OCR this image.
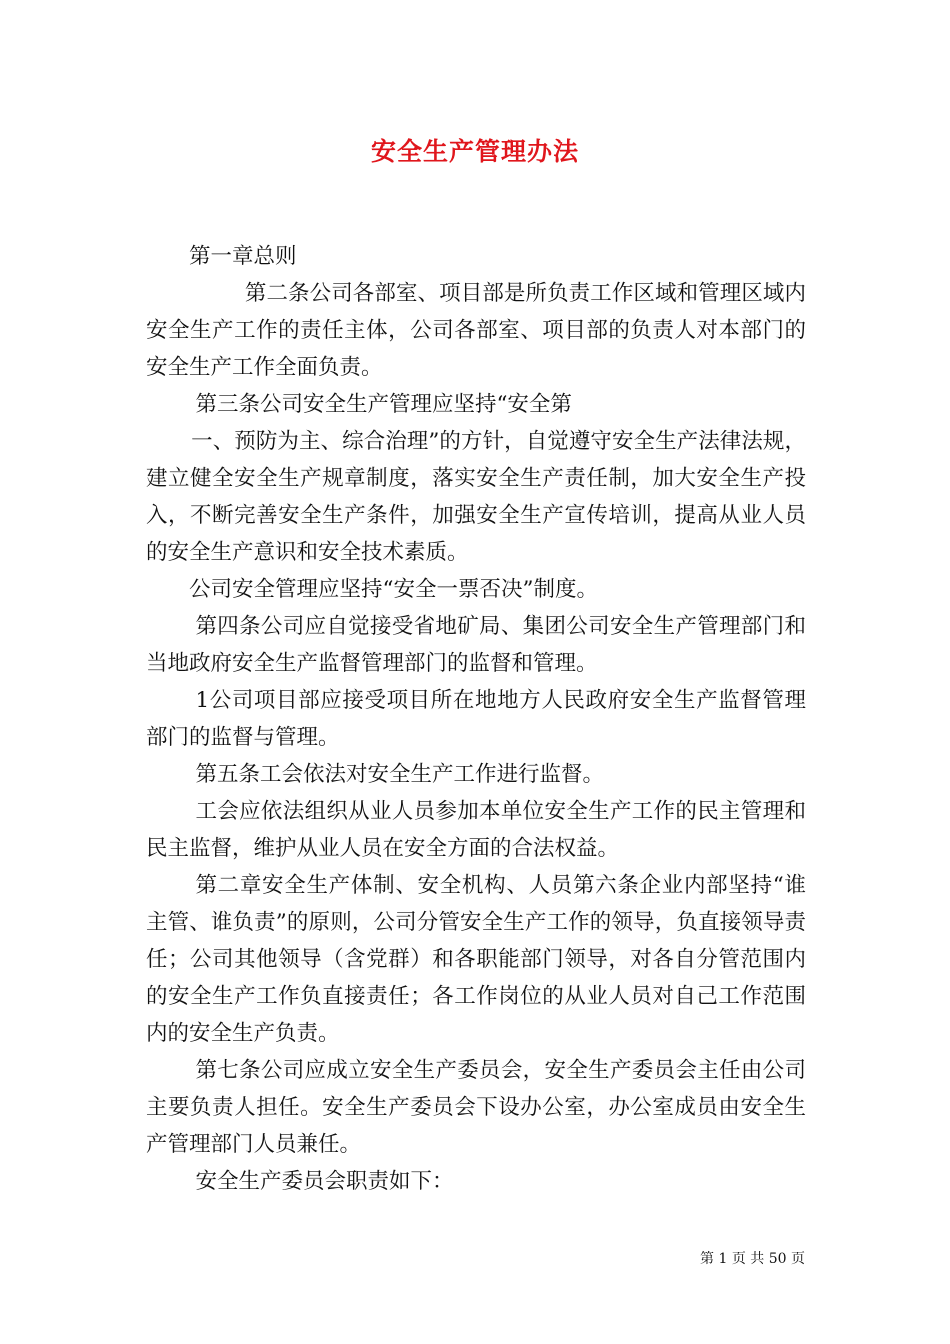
安全生产管理办法

第一章总则

第二条公司各部室、项目部是所负责工作区域和管理区域内安全生产工作的责任主体，公司各部室、项目部的负责人对本部门的安全生产工作全面负责。

第三条公司安全生产管理应坚持“安全第

一、预防为主、综合治理”的方针，自觉遵守安全生产法律法规，建立健全安全生产规章制度，落实安全生产责任制，加大安全生产投入，不断完善安全生产条件，加强安全生产宣传培训，提高从业人员的安全生产意识和安全技术素质。

公司安全管理应坚持“安全一票否决”制度。

第四条公司应自觉接受省地矿局、集团公司安全生产管理部门和当地政府安全生产监督管理部门的监督和管理。

1公司项目部应接受项目所在地地方人民政府安全生产监督管理部门的监督与管理。

第五条工会依法对安全生产工作进行监督。

工会应依法组织从业人员参加本单位安全生产工作的民主管理和民主监督，维护从业人员在安全方面的合法权益。

第二章安全生产体制、安全机构、人员第六条企业内部坚持“谁主管、谁负责”的原则，公司分管安全生产工作的领导，负直接领导责任；公司其他领导（含党群）和各职能部门领导，对各自分管范围内的安全生产工作负直接责任；各工作岗位的从业人员对自己工作范围内的安全生产负责。

第七条公司应成立安全生产委员会，安全生产委员会主任由公司主要负责人担任。安全生产委员会下设办公室，办公室成员由安全生产管理部门人员兼任。

安全生产委员会职责如下：

第 1 页 共 50 页
